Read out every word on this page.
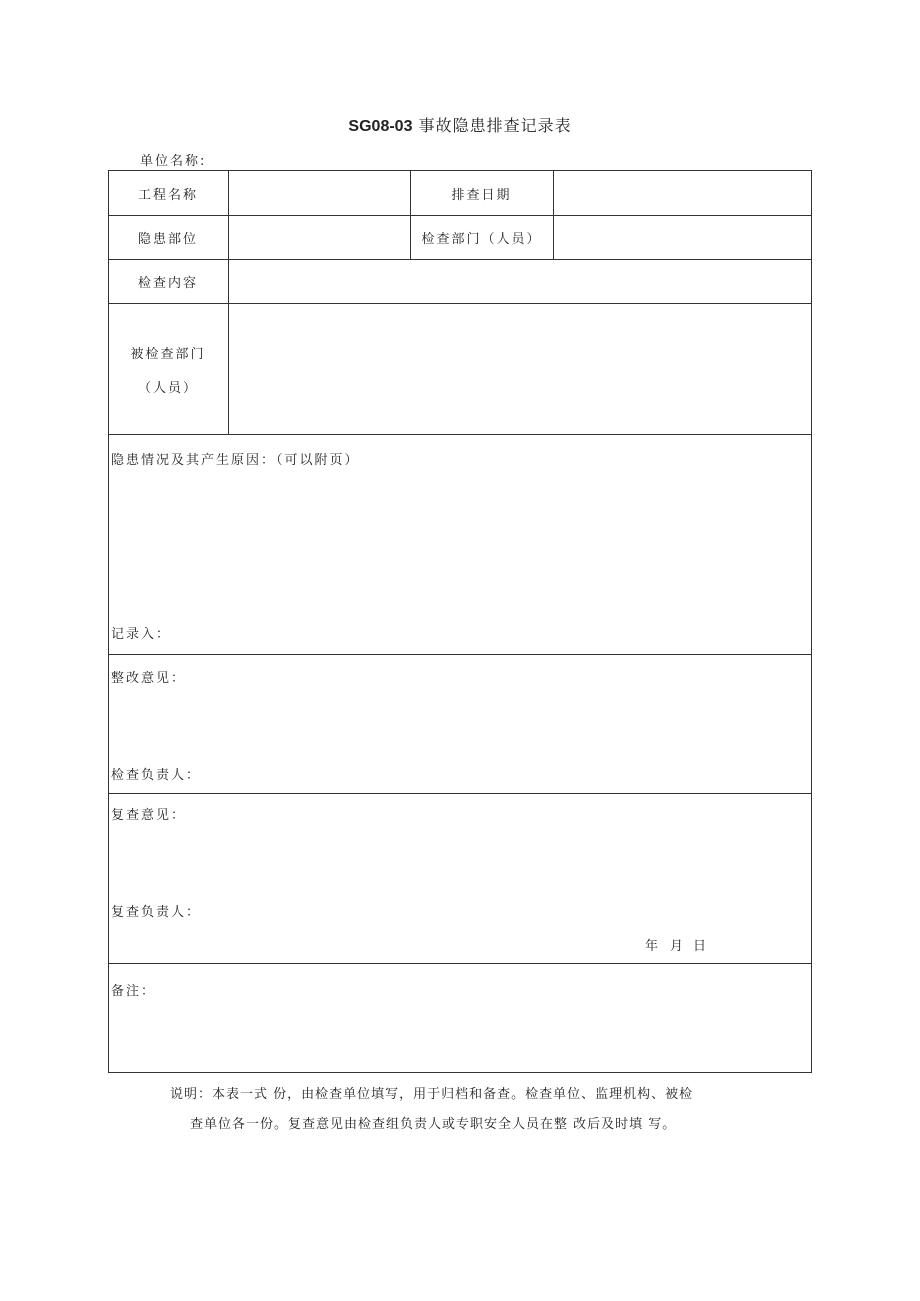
SG08-03 事故隐患排查记录表
单位名称:
工程名称	排查日期
隐患部位	检查部门（人员）
检查内容
被检查部门
（人员）
隐患情况及其产生原因：（可以附页）
记录入：
整改意见：
检查负责人：
复查意见：
复查负责人：
年 月 日
备注：
说明：本表一式 份，由检查单位填写，用于归档和备查。检查单位、监理机构、被检
查单位各一份。复查意见由检查组负责人或专职安全人员在整 改后及时填 写。
